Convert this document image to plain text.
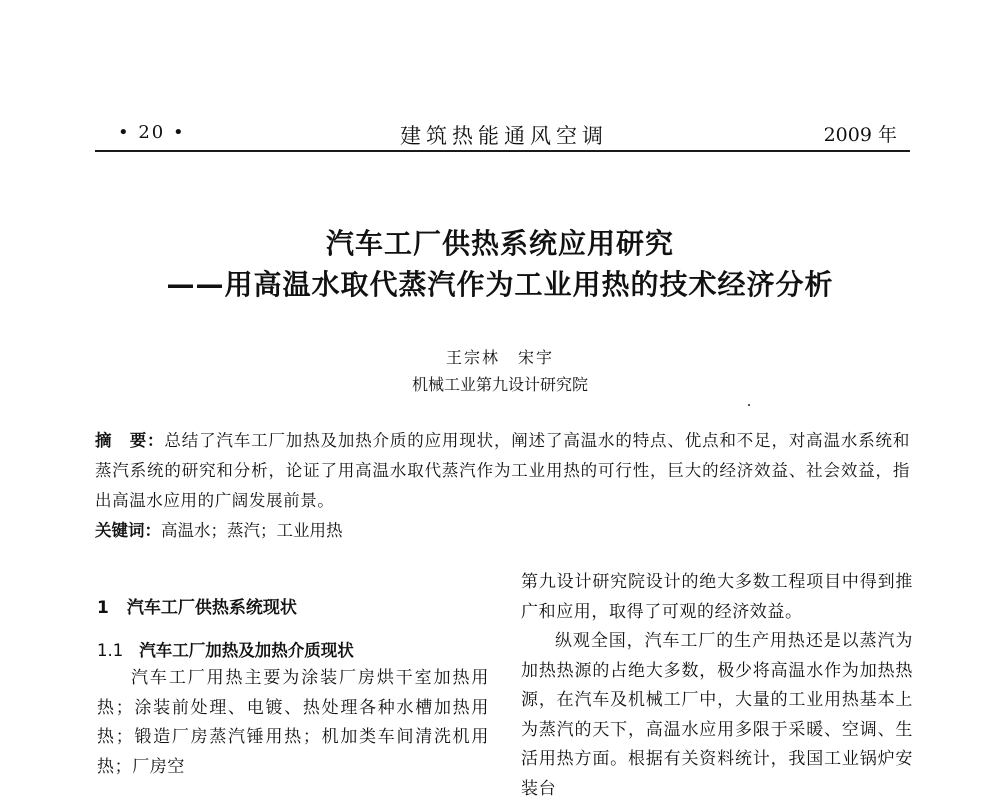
• 20 •	建筑热能通风空调	2009 年
汽车工厂供热系统应用研究
——用高温水取代蒸汽作为工业用热的技术经济分析
王宗林　宋宇
机械工业第九设计研究院
摘　要：总结了汽车工厂加热及加热介质的应用现状，阐述了高温水的特点、优点和不足，对高温水系统和蒸汽系统的研究和分析，论证了用高温水取代蒸汽作为工业用热的可行性，巨大的经济效益、社会效益，指出高温水应用的广阔发展前景。
关键词：高温水；蒸汽；工业用热
1 汽车工厂供热系统现状
1.1 汽车工厂加热及加热介质现状

汽车工厂用热主要为涂装厂房烘干室加热用热；涂装前处理、电镀、热处理各种水槽加热用热；锻造厂房蒸汽锤用热；机加类车间清洗机用热；厂房空

第九设计研究院设计的绝大多数工程项目中得到推广和应用，取得了可观的经济效益。

纵观全国，汽车工厂的生产用热还是以蒸汽为加热热源的占绝大多数，极少将高温水作为加热热源，在汽车及机械工厂中，大量的工业用热基本上为蒸汽的天下，高温水应用多限于采暖、空调、生活用热方面。根据有关资料统计，我国工业锅炉安装台
